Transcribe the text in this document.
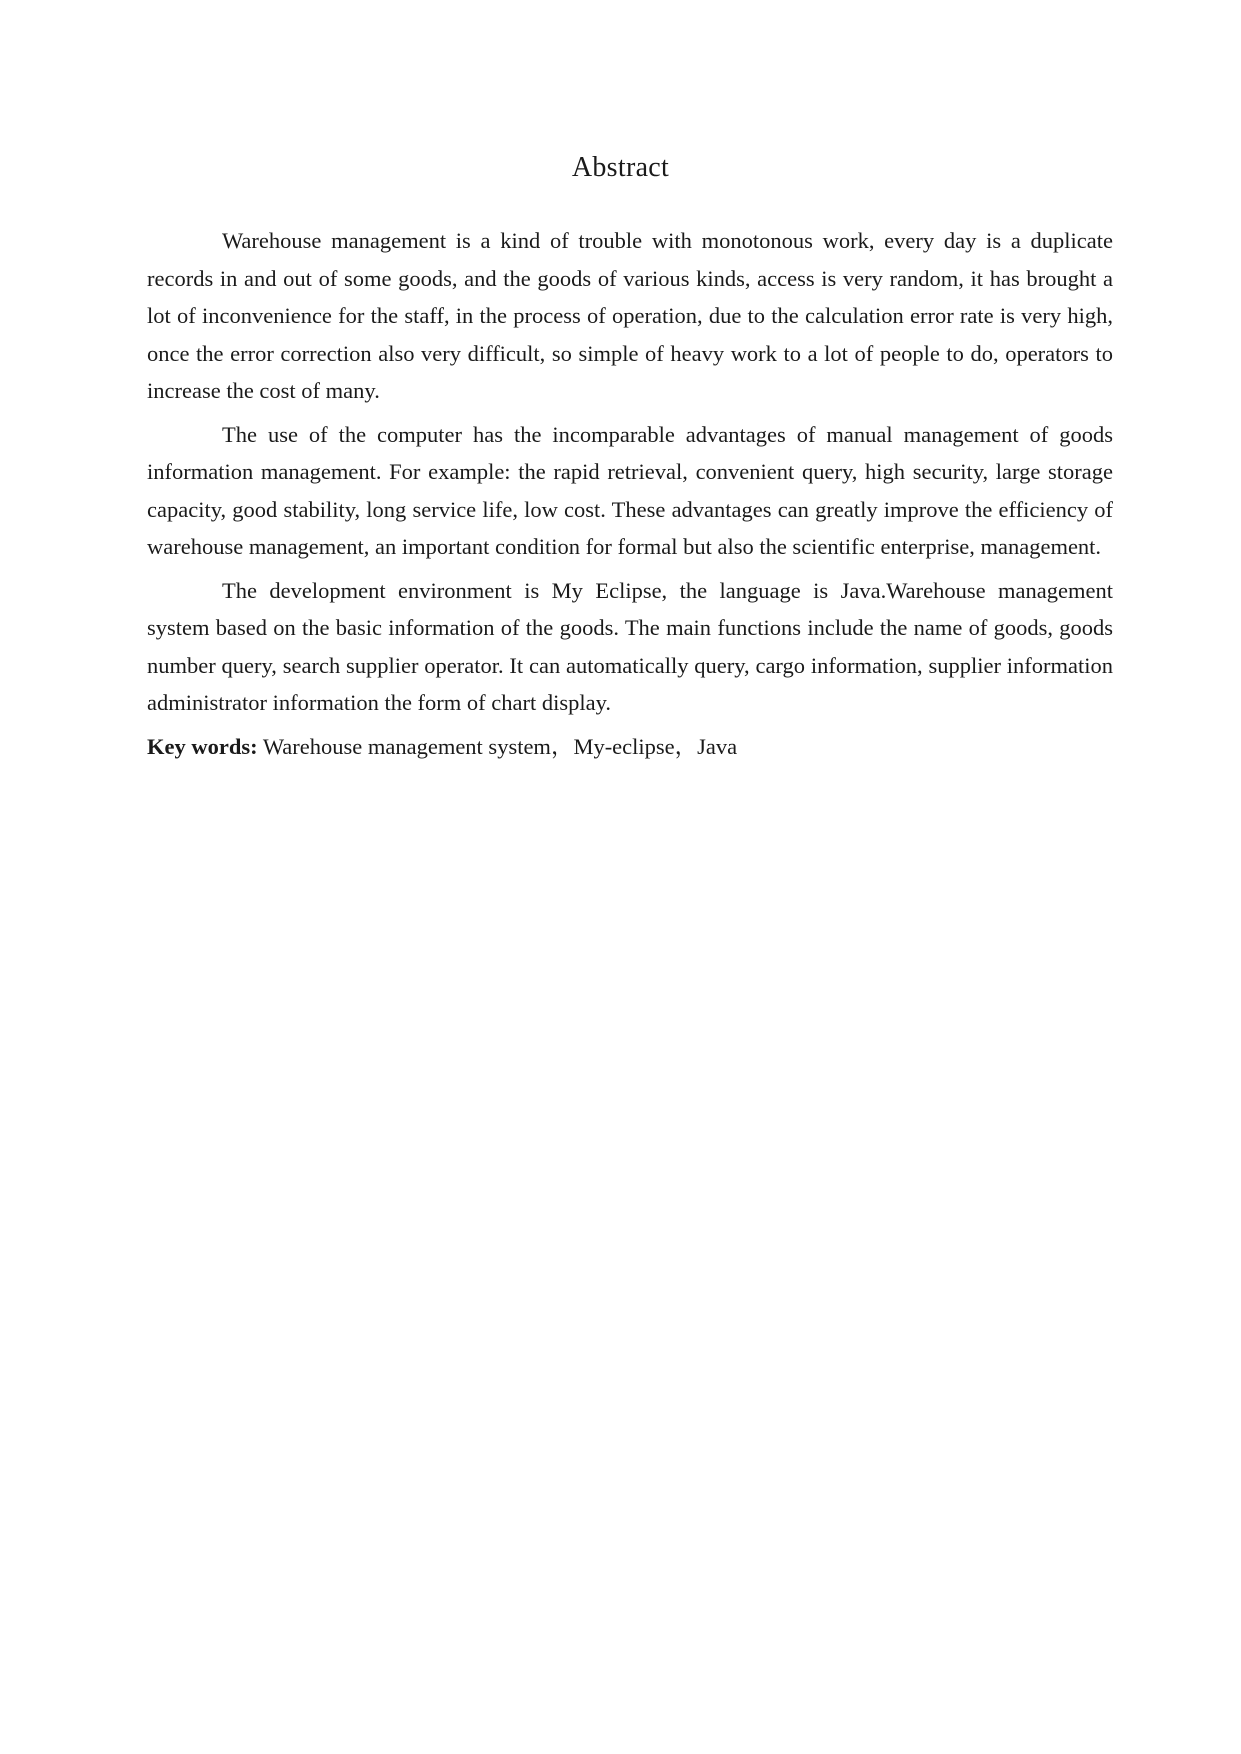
Abstract

Warehouse management is a kind of trouble with monotonous work, every day is a duplicate records in and out of some goods, and the goods of various kinds, access is very random, it has brought a lot of inconvenience for the staff, in the process of operation, due to the calculation error rate is very high, once the error correction also very difficult, so simple of heavy work to a lot of people to do, operators to increase the cost of many.

The use of the computer has the incomparable advantages of manual management of goods information management. For example: the rapid retrieval, convenient query, high security, large storage capacity, good stability, long service life, low cost. These advantages can greatly improve the efficiency of warehouse management, an important condition for formal but also the scientific enterprise, management.

The development environment is My Eclipse, the language is Java.Warehouse management system based on the basic information of the goods. The main functions include the name of goods, goods number query, search supplier operator. It can automatically query, cargo information, supplier information administrator information the form of chart display.

Key words: Warehouse management system，My-eclipse，Java
